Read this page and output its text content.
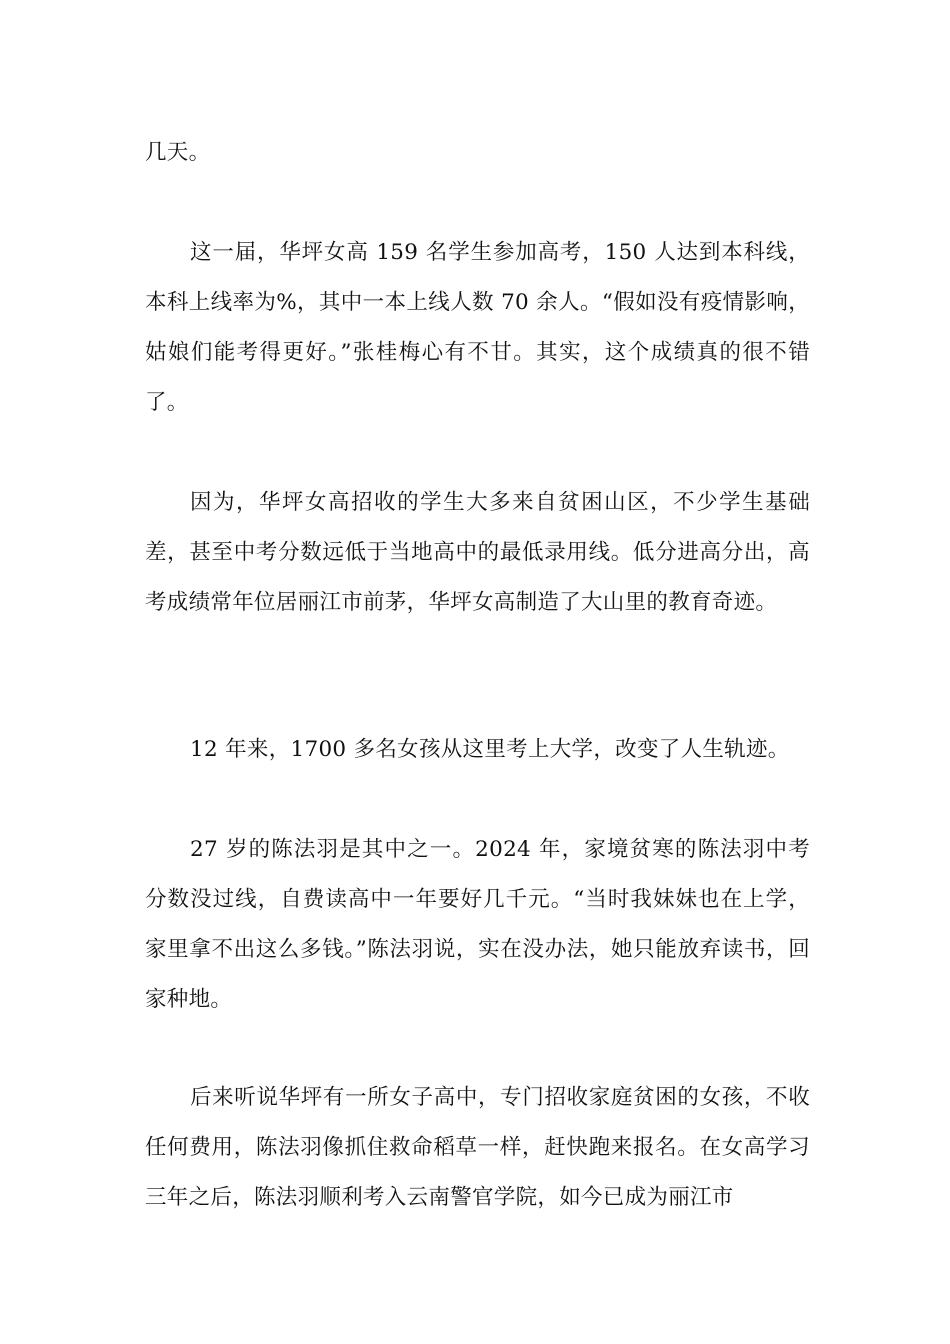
几天。

这一届，华坪女高 159 名学生参加高考，150 人达到本科线，本科上线率为%，其中一本上线人数 70 余人。“假如没有疫情影响，姑娘们能考得更好。”张桂梅心有不甘。其实，这个成绩真的很不错了。

因为，华坪女高招收的学生大多来自贫困山区，不少学生基础差，甚至中考分数远低于当地高中的最低录用线。低分进高分出，高考成绩常年位居丽江市前茅，华坪女高制造了大山里的教育奇迹。

12 年来，1700 多名女孩从这里考上大学，改变了人生轨迹。

27 岁的陈法羽是其中之一。2024 年，家境贫寒的陈法羽中考分数没过线，自费读高中一年要好几千元。“当时我妹妹也在上学，家里拿不出这么多钱。”陈法羽说，实在没办法，她只能放弃读书，回家种地。

后来听说华坪有一所女子高中，专门招收家庭贫困的女孩，不收任何费用，陈法羽像抓住救命稻草一样，赶快跑来报名。在女高学习三年之后，陈法羽顺利考入云南警官学院，如今已成为丽江市
